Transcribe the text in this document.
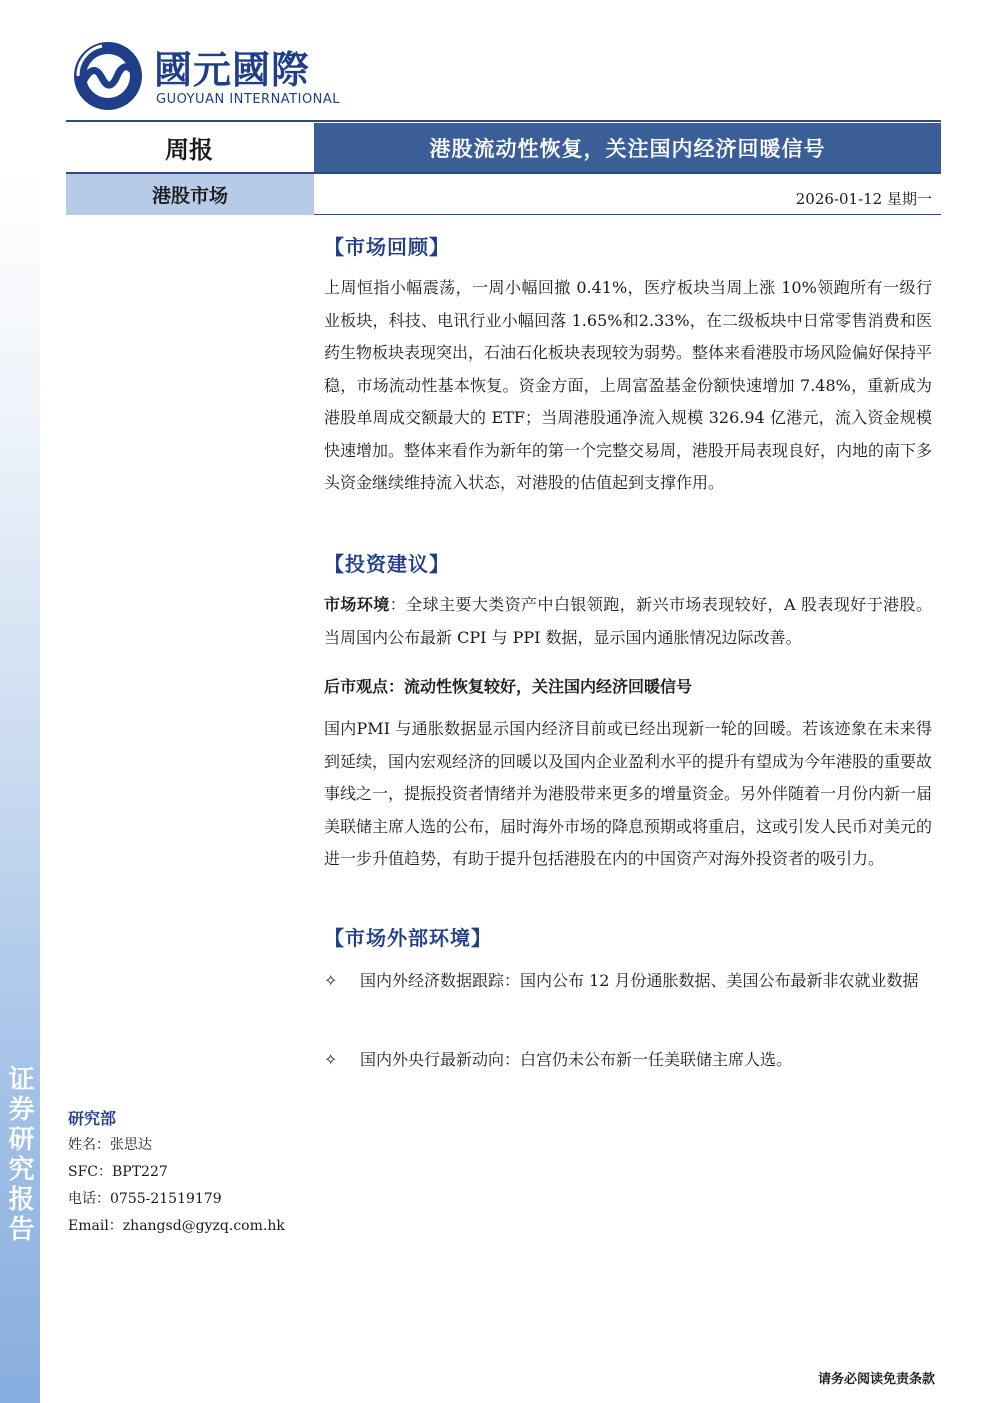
证券研究报告
國元國際
GUOYUAN INTERNATIONAL
周报	港股流动性恢复，关注国内经济回暖信号
港股市场	2026-01-12 星期一
【市场回顾】
上周恒指小幅震荡，一周小幅回撤 0.41%，医疗板块当周上涨 10%领跑所有一级行业板块，科技、电讯行业小幅回落 1.65%和2.33%，在二级板块中日常零售消费和医药生物板块表现突出，石油石化板块表现较为弱势。整体来看港股市场风险偏好保持平稳，市场流动性基本恢复。资金方面，上周富盈基金份额快速增加 7.48%，重新成为港股单周成交额最大的 ETF；当周港股通净流入规模 326.94 亿港元，流入资金规模快速增加。整体来看作为新年的第一个完整交易周，港股开局表现良好，内地的南下多头资金继续维持流入状态，对港股的估值起到支撑作用。
【投资建议】
市场环境：全球主要大类资产中白银领跑，新兴市场表现较好，A 股表现好于港股。当周国内公布最新 CPI 与 PPI 数据，显示国内通胀情况边际改善。
后市观点：流动性恢复较好，关注国内经济回暖信号
国内PMI 与通胀数据显示国内经济目前或已经出现新一轮的回暖。若该迹象在未来得到延续，国内宏观经济的回暖以及国内企业盈利水平的提升有望成为今年港股的重要故事线之一，提振投资者情绪并为港股带来更多的增量资金。另外伴随着一月份内新一届美联储主席人选的公布，届时海外市场的降息预期或将重启，这或引发人民币对美元的进一步升值趋势，有助于提升包括港股在内的中国资产对海外投资者的吸引力。
【市场外部环境】
✧ 国内外经济数据跟踪：国内公布 12 月份通胀数据、美国公布最新非农就业数据
✧ 国内外央行最新动向：白宫仍未公布新一任美联储主席人选。
研究部
姓名：张思达
SFC：BPT227
电话：0755-21519179
Email：zhangsd@gyzq.com.hk
请务必阅读免责条款
